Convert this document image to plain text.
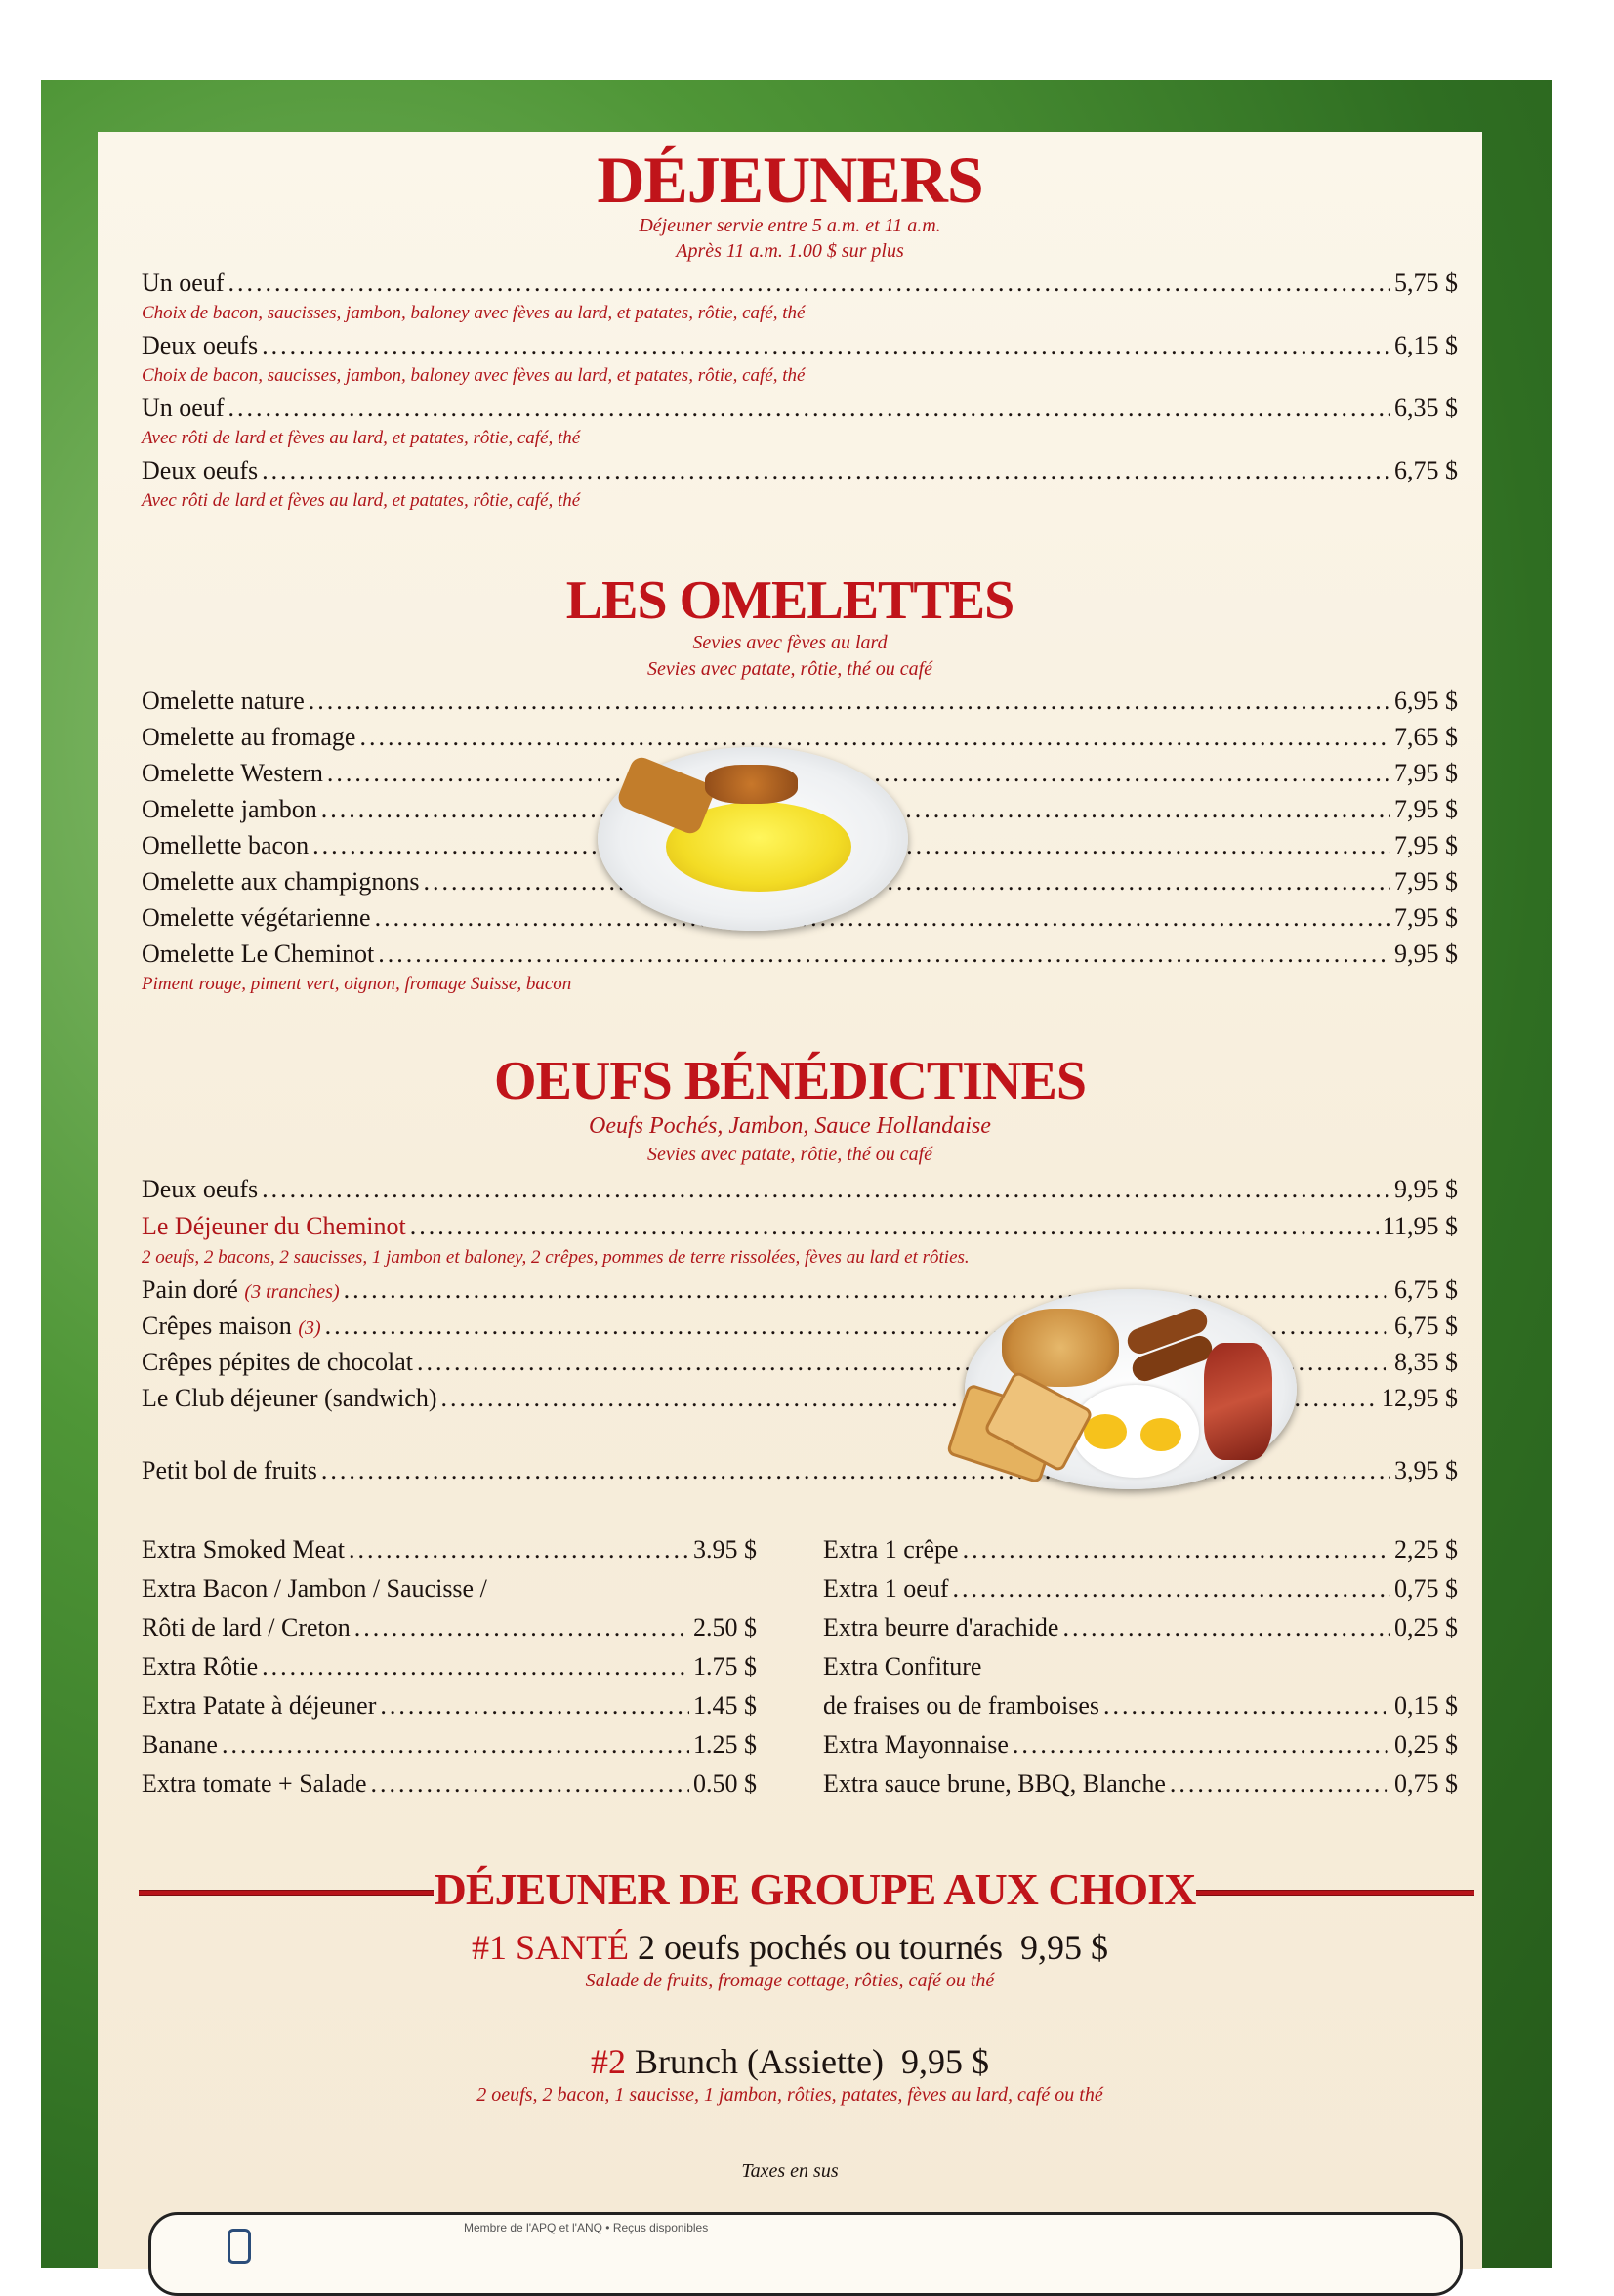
DÉJEUNERS
Déjeuner servie entre 5 a.m. et 11 a.m.
Après 11 a.m. 1.00 $ sur plus
Un oeuf .....	5,75 $
Choix de bacon, saucisses, jambon, baloney avec fèves au lard, et patates, rôtie, café, thé
Deux oeufs .....	6,15 $
Choix de bacon, saucisses, jambon, baloney avec fèves au lard, et patates, rôtie, café, thé
Un oeuf .....	6,35 $
Avec rôti de lard et fèves au lard, et patates, rôtie, café, thé
Deux oeufs .....	6,75 $
Avec rôti de lard et fèves au lard, et patates, rôtie, café, thé
LES OMELETTES
Sevies avec fèves au lard
Sevies avec patate, rôtie, thé ou café
Omelette nature .....	6,95 $
Omelette au fromage .....	7,65 $
Omelette Western .....	7,95 $
Omelette jambon .....	7,95 $
Omellette bacon .....	7,95 $
Omelette aux champignons .....	7,95 $
Omelette végétarienne .....	7,95 $
Omelette Le Cheminot .....	9,95 $
Piment rouge, piment vert, oignon, fromage Suisse, bacon
OEUFS BÉNÉDICTINES
Oeufs Pochés, Jambon, Sauce Hollandaise
Sevies avec patate, rôtie, thé ou café
Deux oeufs .....	9,95 $
Le Déjeuner du Cheminot .....	11,95 $
2 oeufs, 2 bacons, 2 saucisses, 1 jambon et baloney, 2 crêpes, pommes de terre rissolées, fèves au lard et rôties.
Pain doré
(3 tranches) .....	6,75 $
Crêpes maison
(3) .....	6,75 $
Crêpes pépites de chocolat .....	8,35 $
Le Club déjeuner (sandwich) .....	12,95 $
Petit bol de fruits .....	3,95 $
Extra Smoked Meat .....	3.95 $
Extra Bacon / Jambon / Saucisse /
Rôti de lard / Creton .....	2.50 $
Extra Rôtie .....	1.75 $
Extra Patate à déjeuner .....	1.45 $
Banane .....	1.25 $
Extra tomate + Salade .....	0.50 $
Extra 1 crêpe .....	2,25 $
Extra 1 oeuf .....	0,75 $
Extra beurre d'arachide .....	0,25 $
Extra Confiture
de fraises ou de framboises .....	0,15 $
Extra Mayonnaise .....	0,25 $
Extra sauce brune, BBQ, Blanche .....	0,75 $
DÉJEUNER DE GROUPE AUX CHOIX
#1 SANTÉ 2 oeufs pochés ou tournés 9,95 $
Salade de fruits, fromage cottage, rôties, café ou thé
#2 Brunch (Assiette) 9,95 $
2 oeufs, 2 bacon, 1 saucisse, 1 jambon, rôties, patates, fèves au lard, café ou thé
Taxes en sus
Membre de l'APQ et l'ANQ • Reçus disponibles
